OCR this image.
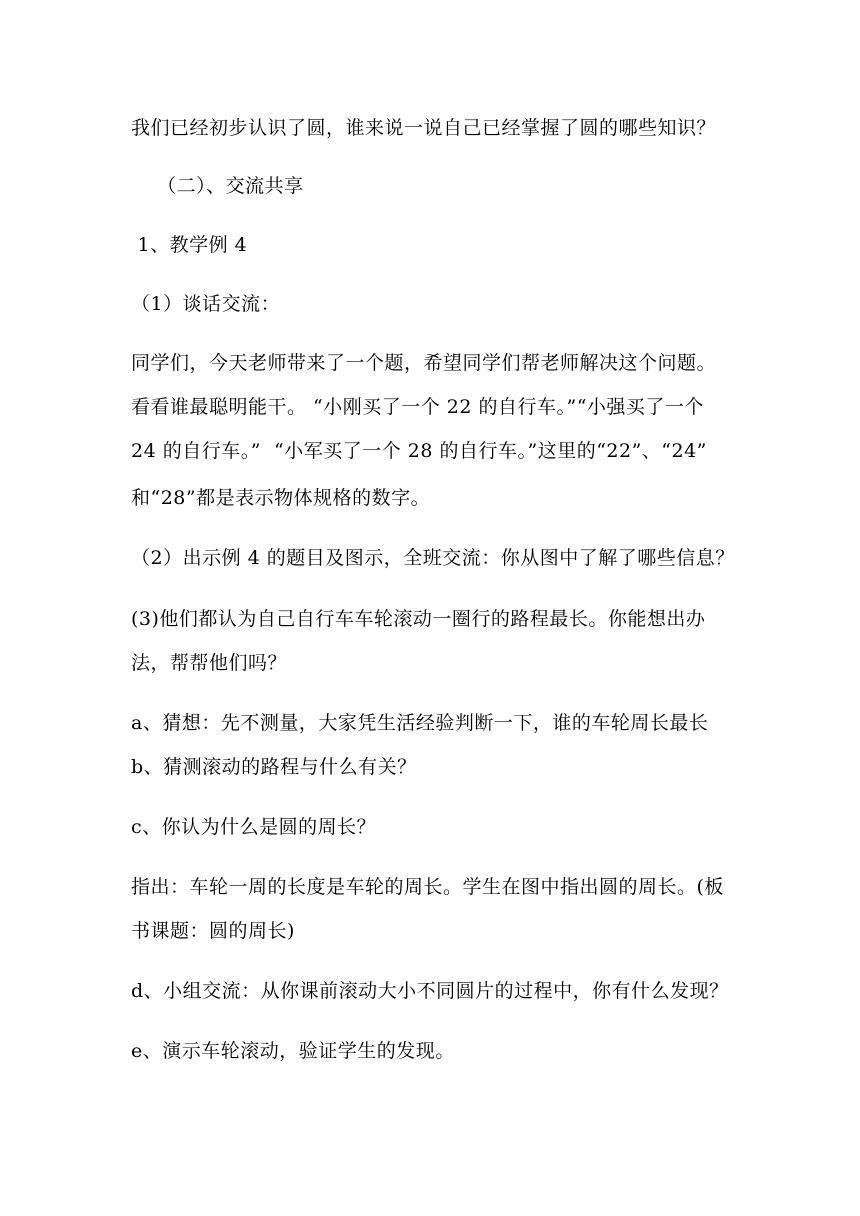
我们已经初步认识了圆，谁来说一说自己已经掌握了圆的哪些知识？
（二）、交流共享
1、教学例 4
（1）谈话交流：
同学们，今天老师带来了一个题，希望同学们帮老师解决这个问题。
看看谁最聪明能干。 “小刚买了一个 22 的自行车。”“小强买了一个
24 的自行车。”  “小军买了一个 28 的自行车。”这里的“22”、“24”
和“28”都是表示物体规格的数字。
（2）出示例 4 的题目及图示，全班交流：你从图中了解了哪些信息？
(3)他们都认为自己自行车车轮滚动一圈行的路程最长。你能想出办
法，帮帮他们吗？
a、猜想：先不测量，大家凭生活经验判断一下，谁的车轮周长最长
b、猜测滚动的路程与什么有关？
c、你认为什么是圆的周长？
指出：车轮一周的长度是车轮的周长。学生在图中指出圆的周长。(板
书课题：圆的周长)
d、小组交流：从你课前滚动大小不同圆片的过程中，你有什么发现？
e、演示车轮滚动，验证学生的发现。
